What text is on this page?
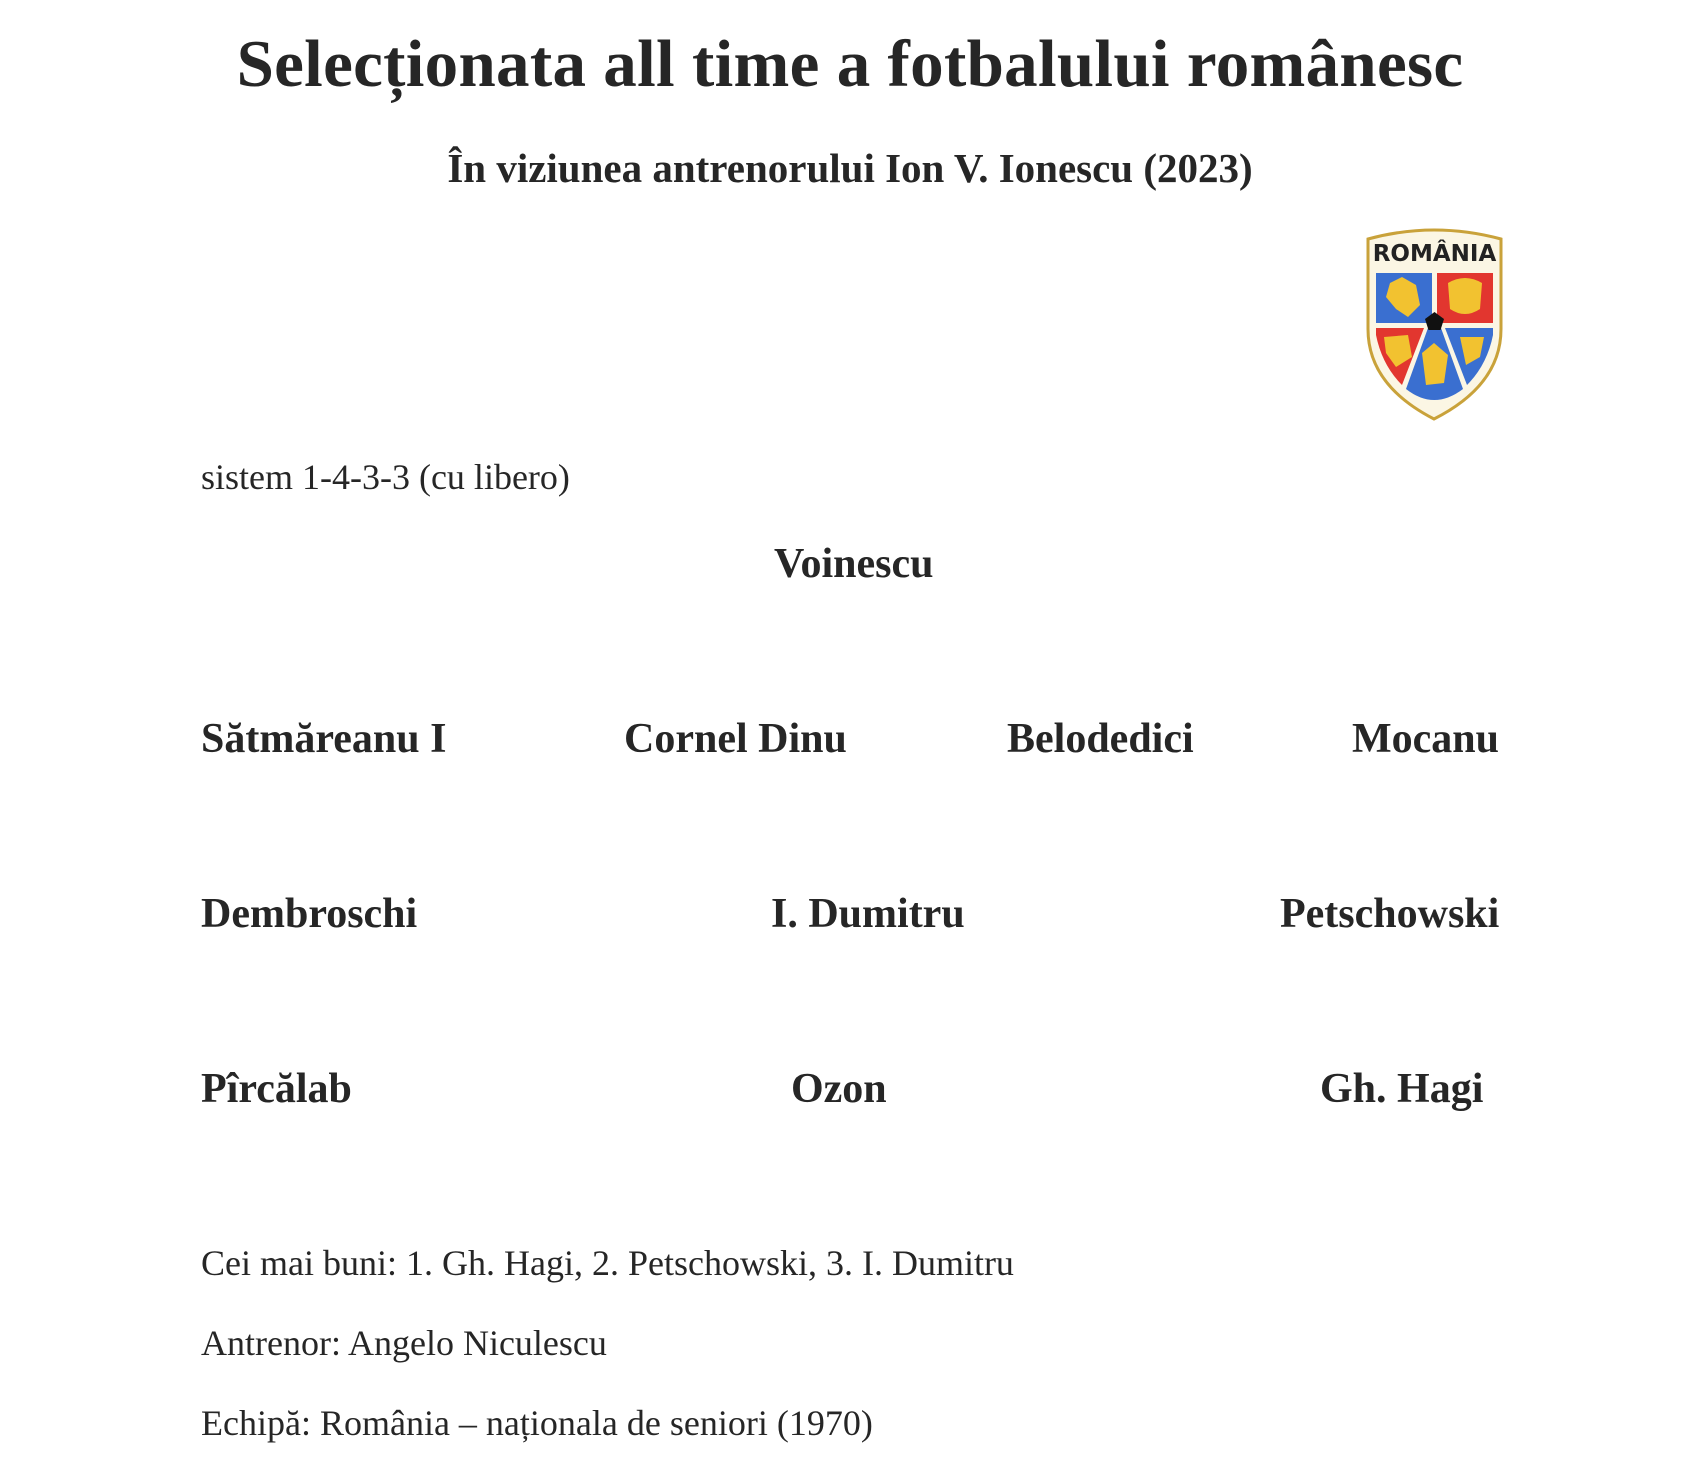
Selecționata all time a fotbalului românesc
În viziunea antrenorului Ion V. Ionescu (2023)
ROMÂNIA
sistem 1-4-3-3 (cu libero)
Voinescu
Sătmăreanu I	Cornel Dinu	Belodedici	Mocanu
Dembroschi	I. Dumitru	Petschowski
Pîrcălab	Ozon	Gh. Hagi
Cei mai buni: 1. Gh. Hagi, 2. Petschowski, 3. I. Dumitru
Antrenor: Angelo Niculescu
Echipă: România – naționala de seniori (1970)
